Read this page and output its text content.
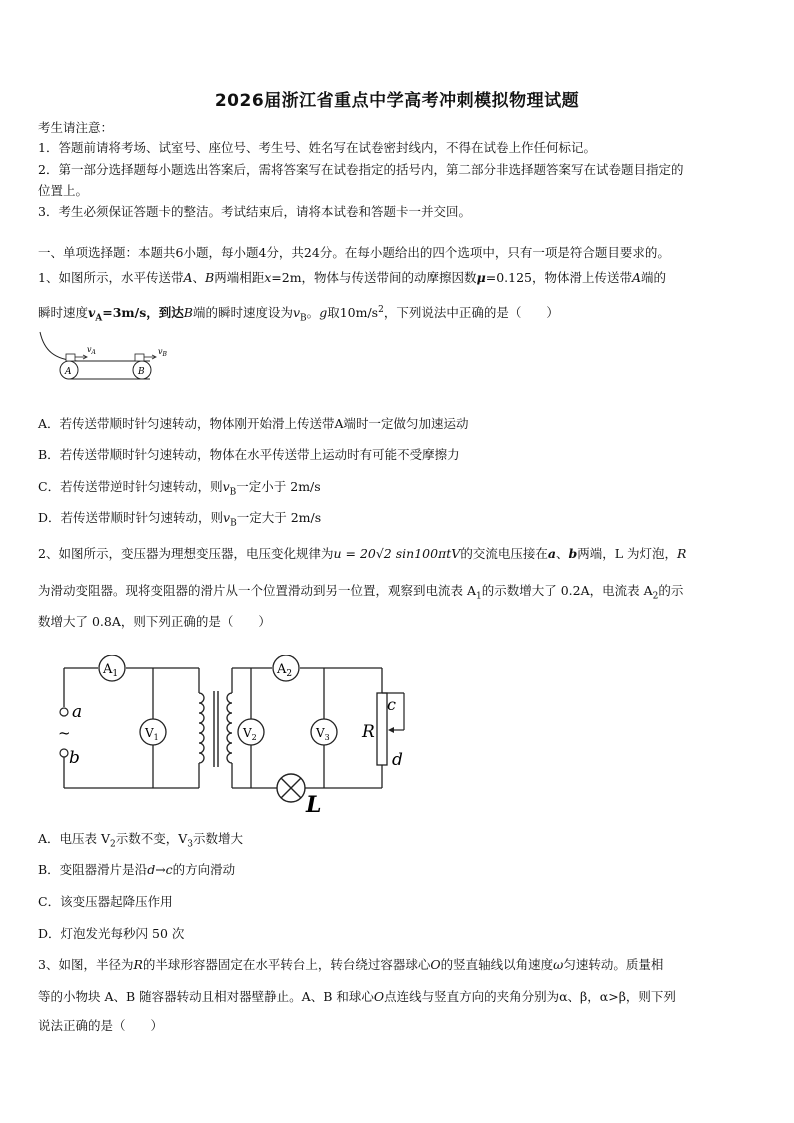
2026届浙江省重点中学高考冲刺模拟物理试题
考生请注意：
1．答题前请将考场、试室号、座位号、考生号、姓名写在试卷密封线内，不得在试卷上作任何标记。
2．第一部分选择题每小题选出答案后，需将答案写在试卷指定的括号内，第二部分非选择题答案写在试卷题目指定的
位置上。
3．考生必须保证答题卡的整洁。考试结束后，请将本试卷和答题卡一并交回。
一、单项选择题：本题共6小题，每小题4分，共24分。在每小题给出的四个选项中，只有一项是符合题目要求的。
1、如图所示，水平传送带A、B两端相距x=2m，物体与传送带间的动摩擦因数μ=0.125，物体滑上传送带A端的
瞬时速度$v_A=3m/s$，到达B端的瞬时速度设为$v_B$。g取$10m/s^2$，下列说法中正确的是（　　）
$v_A$	$v_B$
A	B
A．若传送带顺时针匀速转动，物体刚开始滑上传送带A端时一定做匀加速运动
B．若传送带顺时针匀速转动，物体在水平传送带上运动时有可能不受摩擦力
C．若传送带逆时针匀速转动，则$v_B$一定小于 2m/s
D．若传送带顺时针匀速转动，则$v_B$一定大于 2m/s
2、如图所示，变压器为理想变压器，电压变化规律为u = 20√2 sin100πtV的交流电压接在a、b两端，L 为灯泡，R
为滑动变阻器。现将变阻器的滑片从一个位置滑动到另一位置，观察到电流表 $A_1$的示数增大了 0.2A，电流表 $A_2$的示
数增大了 0.8A，则下列正确的是（　　）
a
~
b
$A_1$
$V_1$
$A_2$
$V_2$	$V_3$
L
c
R
d
A．电压表 $V_2$示数不变，$V_3$示数增大
B．变阻器滑片是沿d→c的方向滑动
C．该变压器起降压作用
D．灯泡发光每秒闪 50 次
3、如图，半径为R的半球形容器固定在水平转台上，转台绕过容器球心O的竖直轴线以角速度ω匀速转动。质量相
等的小物块 A、B 随容器转动且相对器壁静止。A、B 和球心O点连线与竖直方向的夹角分别为α、β，α>β，则下列
说法正确的是（　　）
